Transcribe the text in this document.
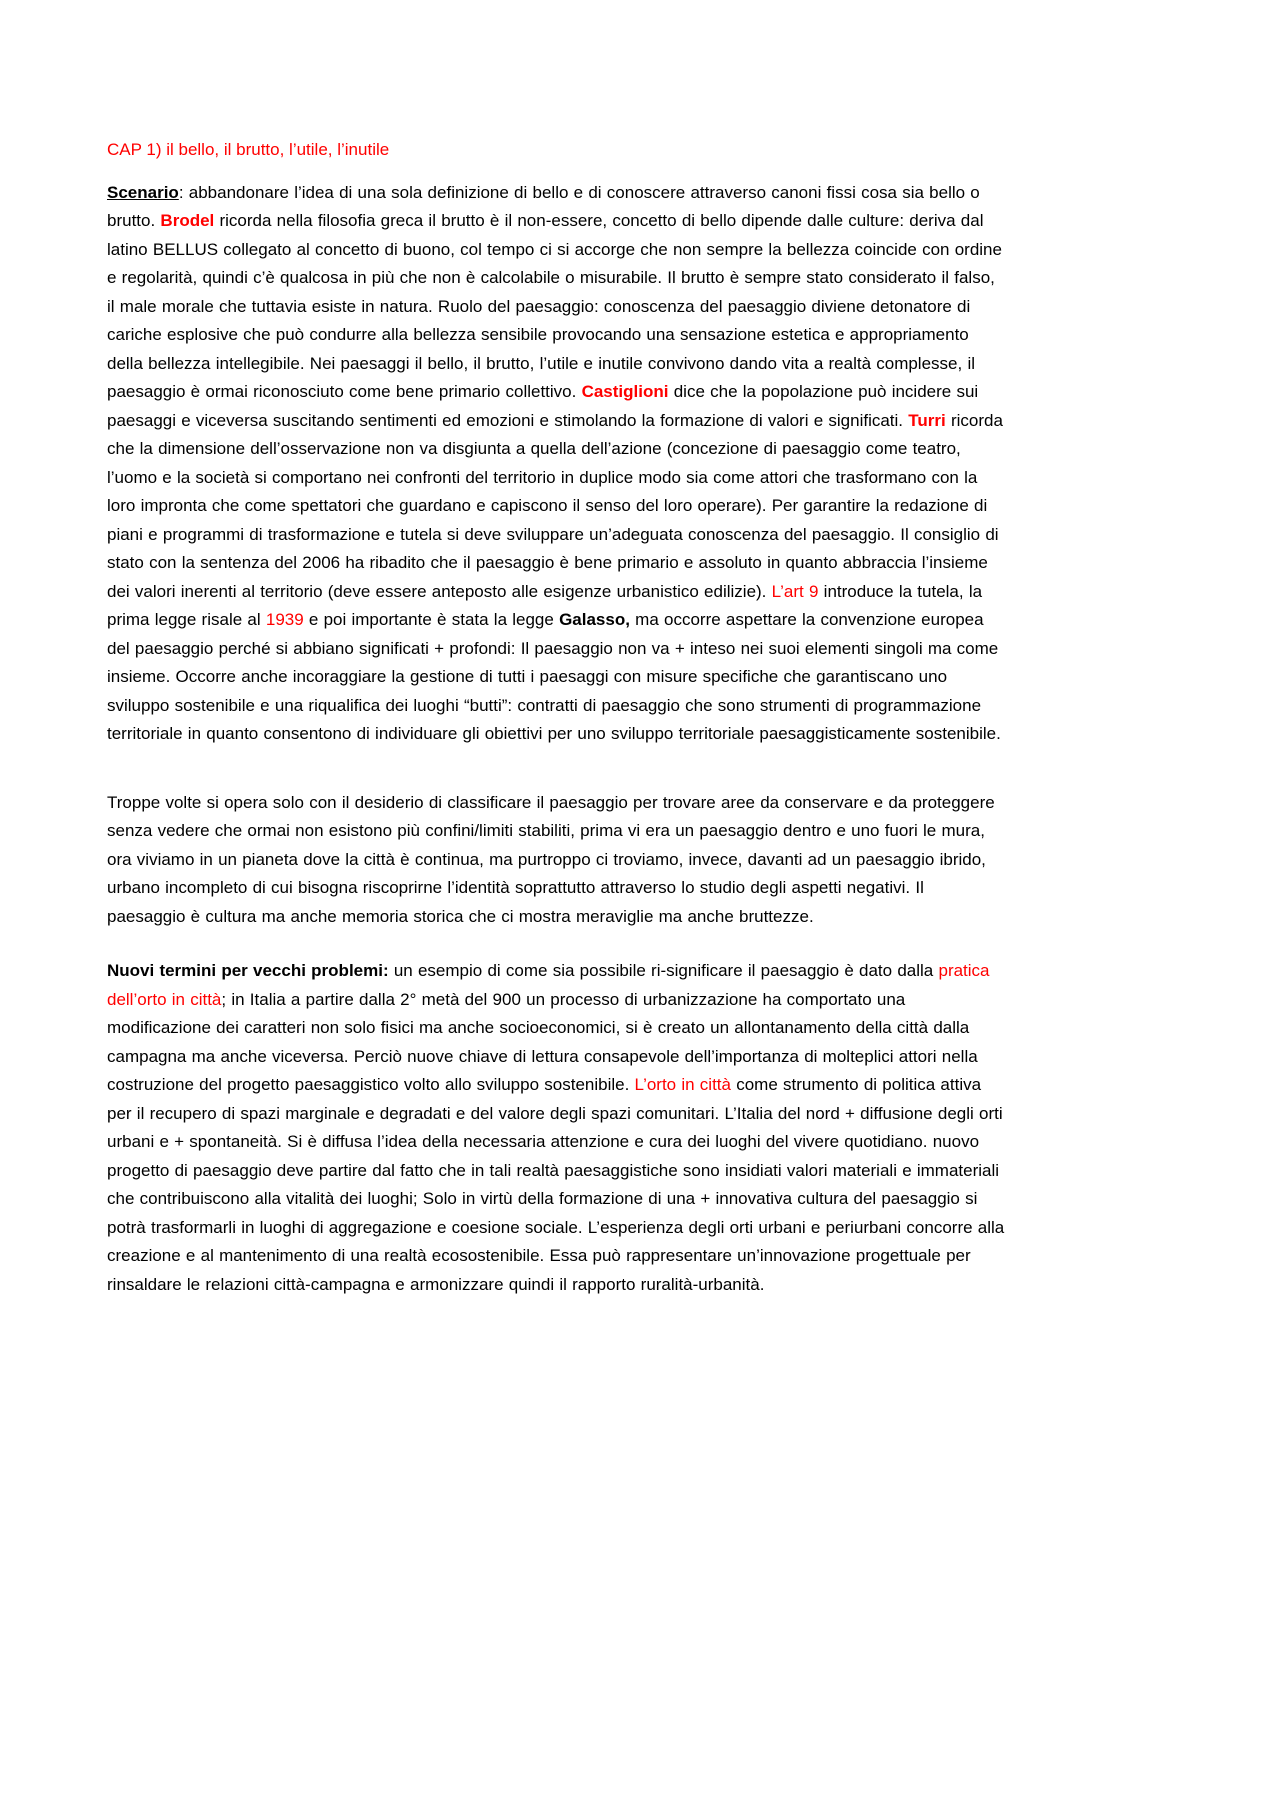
CAP 1) il bello, il brutto, l’utile, l’inutile

Scenario: abbandonare l’idea di una sola definizione di bello e di conoscere attraverso canoni fissi cosa sia bello o brutto. Brodel ricorda nella filosofia greca il brutto è il non-essere, concetto di bello dipende dalle culture: deriva dal latino BELLUS collegato al concetto di buono, col tempo ci si accorge che non sempre la bellezza coincide con ordine e regolarità, quindi c’è qualcosa in più che non è calcolabile o misurabile. Il brutto è sempre stato considerato il falso, il male morale che tuttavia esiste in natura. Ruolo del paesaggio: conoscenza del paesaggio diviene detonatore di cariche esplosive che può condurre alla bellezza sensibile provocando una sensazione estetica e appropriamento della bellezza intellegibile. Nei paesaggi il bello, il brutto, l’utile e inutile convivono dando vita a realtà complesse, il paesaggio è ormai riconosciuto come bene primario collettivo. Castiglioni dice che la popolazione può incidere sui paesaggi e viceversa suscitando sentimenti ed emozioni e stimolando la formazione di valori e significati. Turri ricorda che la dimensione dell’osservazione non va disgiunta a quella dell’azione (concezione di paesaggio come teatro, l’uomo e la società si comportano nei confronti del territorio in duplice modo sia come attori che trasformano con la loro impronta che come spettatori che guardano e capiscono il senso del loro operare). Per garantire la redazione di piani e programmi di trasformazione e tutela si deve sviluppare un’adeguata conoscenza del paesaggio. Il consiglio di stato con la sentenza del 2006 ha ribadito che il paesaggio è bene primario e assoluto in quanto abbraccia l’insieme dei valori inerenti al territorio (deve essere anteposto alle esigenze urbanistico edilizie). L’art 9 introduce la tutela, la prima legge risale al 1939 e poi importante è stata la legge Galasso, ma occorre aspettare la convenzione europea del paesaggio perché si abbiano significati + profondi: Il paesaggio non va + inteso nei suoi elementi singoli ma come insieme. Occorre anche incoraggiare la gestione di tutti i paesaggi con misure specifiche che garantiscano uno sviluppo sostenibile e una riqualifica dei luoghi “butti”: contratti di paesaggio che sono strumenti di programmazione territoriale in quanto consentono di individuare gli obiettivi per uno sviluppo territoriale paesaggisticamente sostenibile.

Troppe volte si opera solo con il desiderio di classificare il paesaggio per trovare aree da conservare e da proteggere senza vedere che ormai non esistono più confini/limiti stabiliti, prima vi era un paesaggio dentro e uno fuori le mura, ora viviamo in un pianeta dove la città è continua, ma purtroppo ci troviamo, invece, davanti ad un paesaggio ibrido, urbano incompleto di cui bisogna riscoprirne l’identità soprattutto attraverso lo studio degli aspetti negativi. Il paesaggio è cultura ma anche memoria storica che ci mostra meraviglie ma anche bruttezze.

Nuovi termini per vecchi problemi: un esempio di come sia possibile ri-significare il paesaggio è dato dalla pratica dell’orto in città; in Italia a partire dalla 2° metà del 900 un processo di urbanizzazione ha comportato una modificazione dei caratteri non solo fisici ma anche socioeconomici, si è creato un allontanamento della città dalla campagna ma anche viceversa. Perciò nuove chiave di lettura consapevole dell’importanza di molteplici attori nella costruzione del progetto paesaggistico volto allo sviluppo sostenibile. L’orto in città come strumento di politica attiva per il recupero di spazi marginale e degradati e del valore degli spazi comunitari. L’Italia del nord + diffusione degli orti urbani e + spontaneità. Si è diffusa l’idea della necessaria attenzione e cura dei luoghi del vivere quotidiano. nuovo progetto di paesaggio deve partire dal fatto che in tali realtà paesaggistiche sono insidiati valori materiali e immateriali che contribuiscono alla vitalità dei luoghi; Solo in virtù della formazione di una + innovativa cultura del paesaggio si potrà trasformarli in luoghi di aggregazione e coesione sociale. L’esperienza degli orti urbani e periurbani concorre alla creazione e al mantenimento di una realtà ecosostenibile. Essa può rappresentare un’innovazione progettuale per rinsaldare le relazioni città-campagna e armonizzare quindi il rapporto ruralità-urbanità.
